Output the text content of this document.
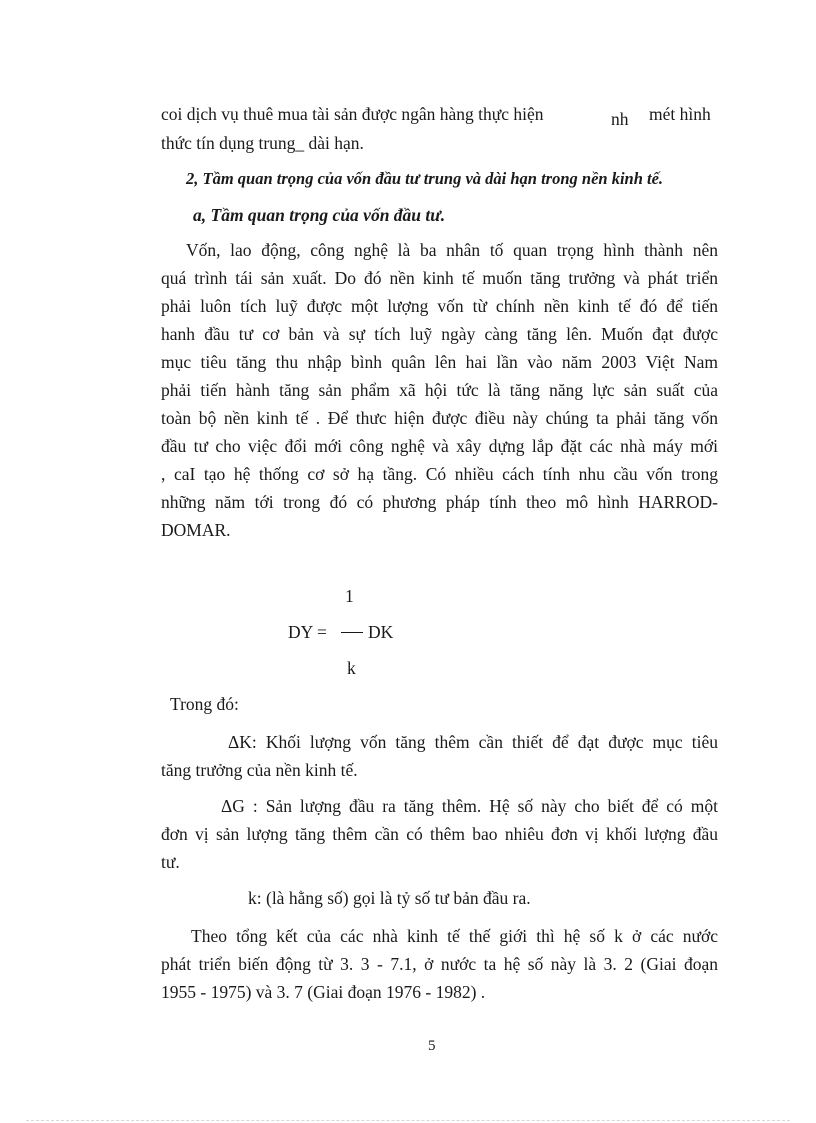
coi dịch vụ thuê mua tài sản được ngân hàng thực hiện	nh mét hình
thức tín dụng trung_ dài hạn.
2, Tầm quan trọng của vốn đầu tư trung và dài hạn trong nền kinh tế.
a, Tầm quan trọng của vốn đầu tư.
Vốn, lao động, công nghệ là ba nhân tố quan trọng hình thành nên
quá trình tái sản xuất. Do đó nền kinh tế muốn tăng trưởng và phát triển
phải luôn tích luỹ được một lượng vốn từ chính nền kinh tế đó để tiến
hanh đầu tư cơ bản và sự tích luỹ ngày càng tăng lên. Muốn đạt được
mục tiêu tăng thu nhập bình quân lên hai lần vào năm 2003 Việt Nam
phải tiến hành tăng sản phẩm xã hội tức là tăng năng lực sản suất của
toàn bộ nền kinh tế . Để thưc hiện được điều này chúng ta phải tăng vốn
đầu tư cho việc đổi mới công nghệ và xây dựng lắp đặt các nhà máy mới
, caI tạo hệ thống cơ sở hạ tầng. Có nhiều cách tính nhu cầu vốn trong
những năm tới trong đó có phương pháp tính theo mô hình HARROD-
DOMAR.
1
DY = DK
k
Trong đó:
ΔK: Khối lượng vốn tăng thêm cần thiết để đạt được mục tiêu
tăng trưởng của nền kinh tế.
ΔG : Sản lượng đầu ra tăng thêm. Hệ số này cho biết để có một
đơn vị sản lượng tăng thêm cần có thêm bao nhiêu đơn vị khối lượng đầu
tư.
k: (là hằng số) gọi là tỷ số tư bản đầu ra.
Theo tổng kết của các nhà kinh tế thế giới thì hệ số k ở các nước
phát triển biến động từ 3. 3 - 7.1, ở nước ta hệ số này là 3. 2 (Giai đoạn
1955 - 1975) và 3. 7 (Giai đoạn 1976 - 1982) .
5
